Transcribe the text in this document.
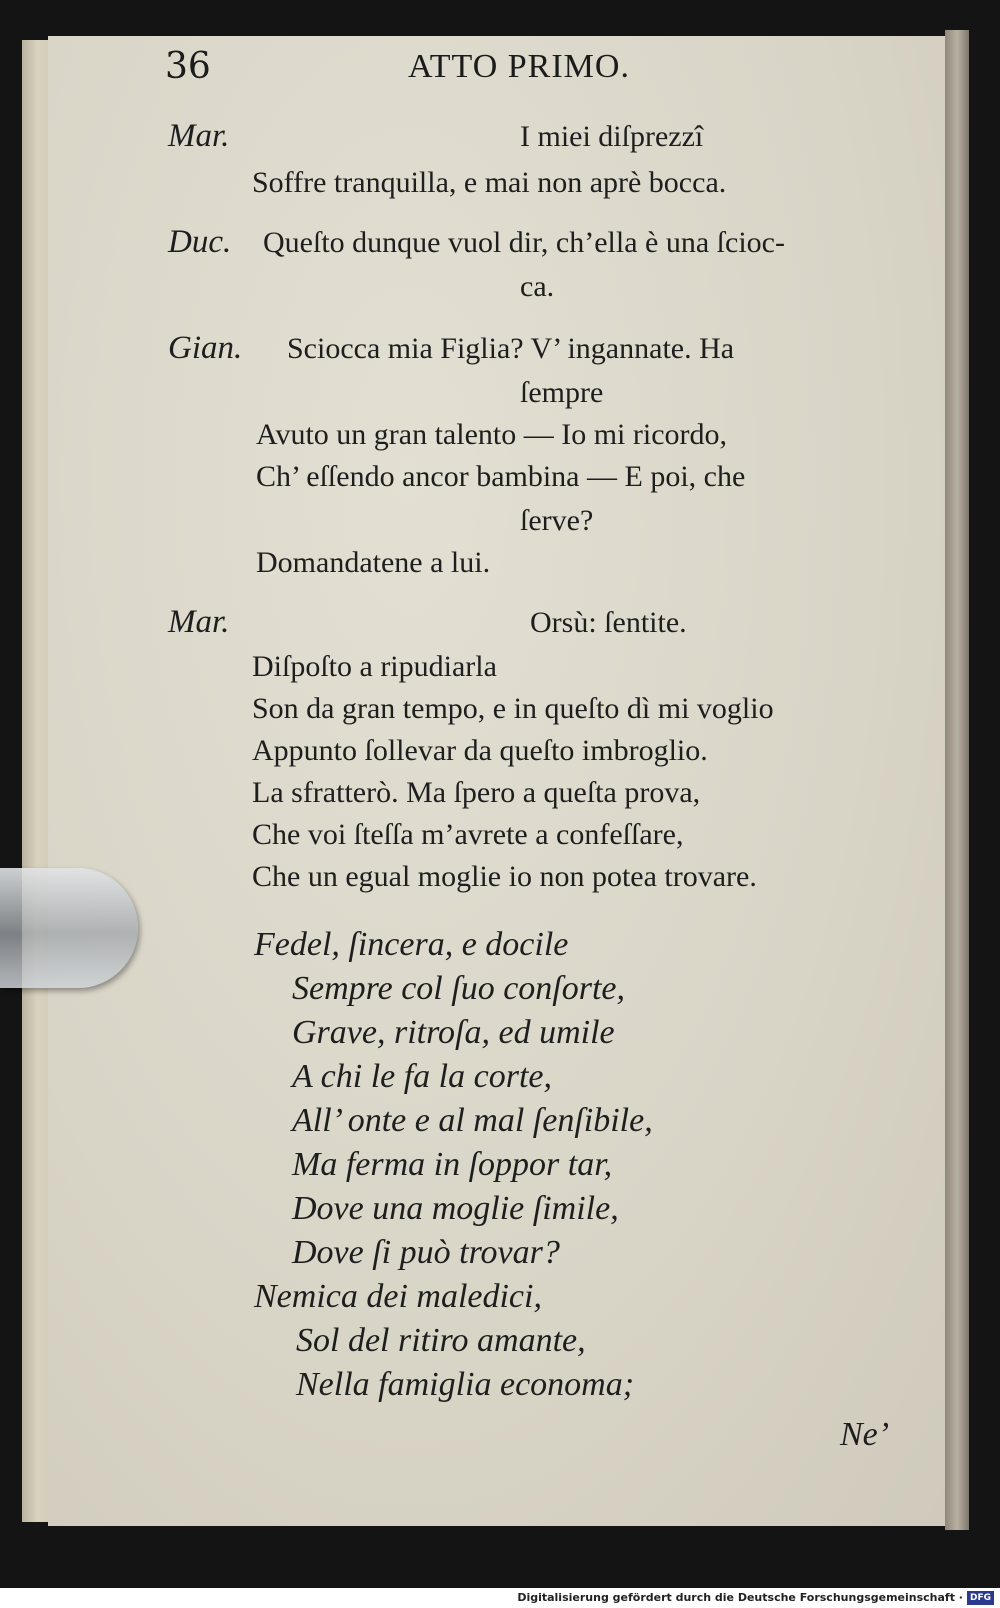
36	ATTO PRIMO.
Mar.	I miei diſprezzî
Soffre tranquilla, e mai non aprè bocca.
Duc. Queſto dunque vuol dir, ch’ella è una ſcioc-
ca.
Gian. Sciocca mia Figlia? V’ ingannate. Ha
ſempre
Avuto un gran talento — Io mi ricordo,
Ch’ eſſendo ancor bambina — E poi, che
ſerve?
Domandatene a lui.
Mar.	Orsù: ſentite.
Diſpoſto a ripudiarla
Son da gran tempo, e in queſto dì mi voglio
Appunto ſollevar da queſto imbroglio.
La sfratterò. Ma ſpero a queſta prova,
Che voi ſteſſa m’avrete a confeſſare,
Che un egual moglie io non potea trovare.
Fedel, ſincera, e docile
Sempre col ſuo conſorte,
Grave, ritroſa, ed umile
A chi le fa la corte,
All’ onte e al mal ſenſibile,
Ma ferma in ſoppor tar,
Dove una moglie ſimile,
Dove ſi può trovar?
Nemica dei maledici,
Sol del ritiro amante,
Nella famiglia economa;
Ne’
Digitalisierung gefördert durch die Deutsche Forschungsgemeinschaft · DFG
